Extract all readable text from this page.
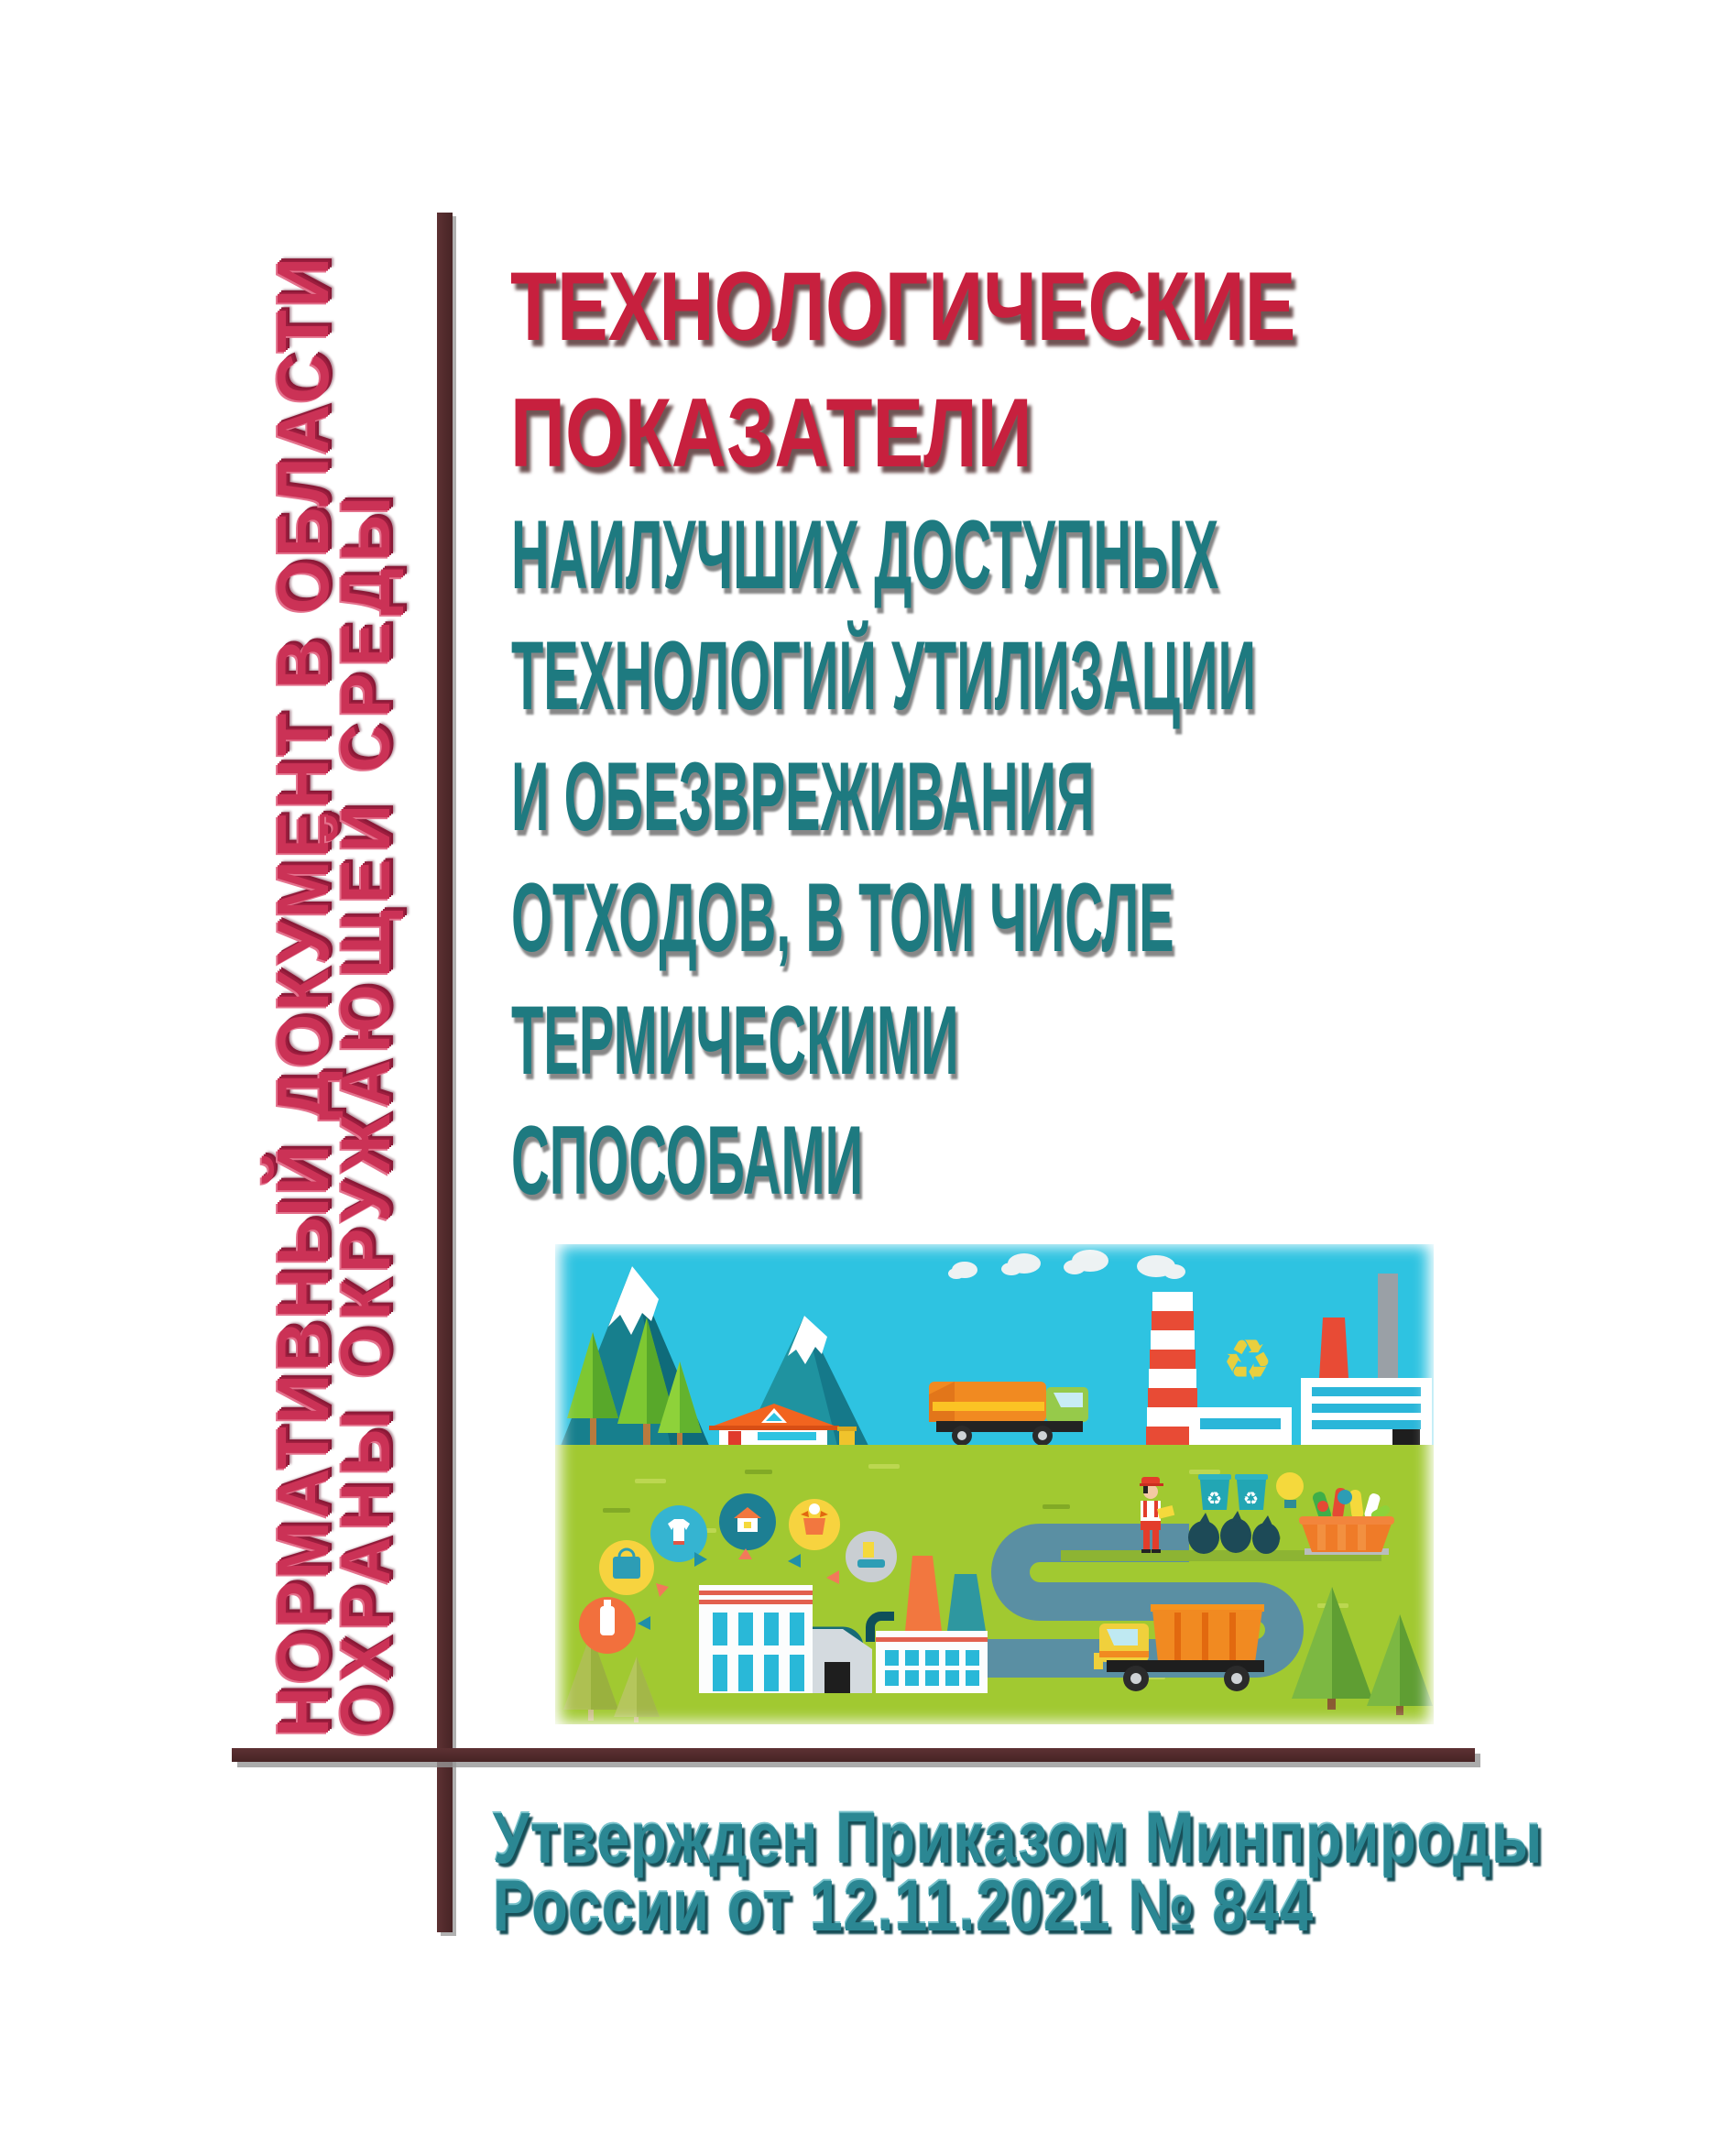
НОРМАТИВНЫЙ ДОКУМЕНТ В ОБЛАСТИ
ОХРАНЫ ОКРУЖАЮЩЕЙ СРЕДЫ
ТЕХНОЛОГИЧЕСКИЕ
ПОКАЗАТЕЛИ
НАИЛУЧШИХ ДОСТУПНЫХ
ТЕХНОЛОГИЙ УТИЛИЗАЦИИ
И ОБЕЗВРЕЖИВАНИЯ
ОТХОДОВ, В ТОМ ЧИСЛЕ
ТЕРМИЧЕСКИМИ
СПОСОБАМИ
♻
♻ ♻
Утвержден Приказом Минприроды
России от 12.11.2021 № 844
